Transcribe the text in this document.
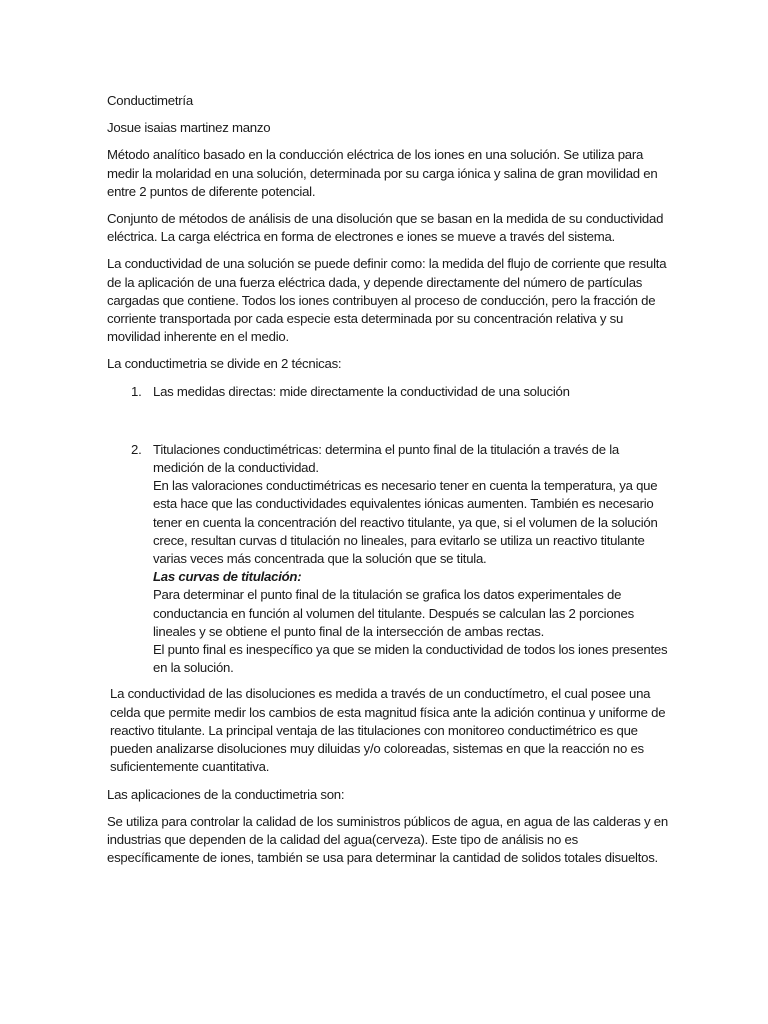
Conductimetría

Josue isaias martinez manzo

Método analítico basado en la conducción eléctrica de los iones en una solución. Se utiliza para medir la molaridad en una solución, determinada por su carga iónica y salina de gran movilidad en entre 2 puntos de diferente potencial.

Conjunto de métodos de análisis de una disolución que se basan en la medida de su conductividad eléctrica. La carga eléctrica en forma de electrones e iones se mueve a través del sistema.

La conductividad de una solución se puede definir como: la medida del flujo de corriente que resulta de la aplicación de una fuerza eléctrica dada, y depende directamente del número de partículas cargadas que contiene. Todos los iones contribuyen al proceso de conducción, pero la fracción de corriente transportada por cada especie esta determinada por su concentración relativa y su movilidad inherente en el medio.

La conductimetria se divide en 2 técnicas:

1. Las medidas directas: mide directamente la conductividad de una solución
2. Titulaciones conductimétricas: determina el punto final de la titulación a través de la medición de la conductividad.
En las valoraciones conductimétricas es necesario tener en cuenta la temperatura, ya que esta hace que las conductividades equivalentes iónicas aumenten. También es necesario tener en cuenta la concentración del reactivo titulante, ya que, si el volumen de la solución crece, resultan curvas d titulación no lineales, para evitarlo se utiliza un reactivo titulante varias veces más concentrada que la solución que se titula.
Las curvas de titulación:
Para determinar el punto final de la titulación se grafica los datos experimentales de conductancia en función al volumen del titulante. Después se calculan las 2 porciones lineales y se obtiene el punto final de la intersección de ambas rectas.
El punto final es inespecífico ya que se miden la conductividad de todos los iones presentes en la solución.

La conductividad de las disoluciones es medida a través de un conductímetro, el cual posee una celda que permite medir los cambios de esta magnitud física ante la adición continua y uniforme de reactivo titulante. La principal ventaja de las titulaciones con monitoreo conductimétrico es que pueden analizarse disoluciones muy diluidas y/o coloreadas, sistemas en que la reacción no es suficientemente cuantitativa.

Las aplicaciones de la conductimetria son:

Se utiliza para controlar la calidad de los suministros públicos de agua, en agua de las calderas y en industrias que dependen de la calidad del agua(cerveza). Este tipo de análisis no es específicamente de iones, también se usa para determinar la cantidad de solidos totales disueltos.
